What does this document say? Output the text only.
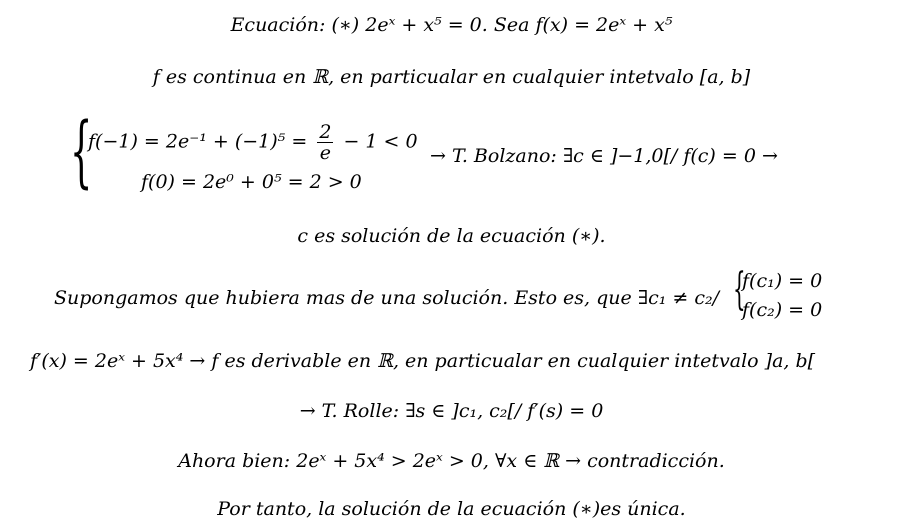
Ecuación: (∗) 2eˣ + x⁵ = 0. Sea f(x) = 2eˣ + x⁵
f es continua en ℝ, en particualar en cualquier intetvalo [a, b]
{
$f(-1) = 2e^{-1} + (-1)^5 = \frac{2}{e} - 1 < 0$
→ T. Bolzano: ∃c ∈ ]−1,0[/ f(c) = 0 →
f(0) = 2e⁰ + 0⁵ = 2 > 0
c es solución de la ecuación (∗).
Supongamos que hubiera mas de una solución. Esto es, que ∃c₁ ≠ c₂/ {
f(c₁) = 0
f(c₂) = 0
f′(x) = 2eˣ + 5x⁴ → f es derivable en ℝ, en particualar en cualquier intetvalo ]a, b[
→ T. Rolle: ∃s ∈ ]c₁, c₂[/ f′(s) = 0
Ahora bien: 2eˣ + 5x⁴ > 2eˣ > 0, ∀x ∈ ℝ → contradicción.
Por tanto, la solución de la ecuación (∗)es única.
